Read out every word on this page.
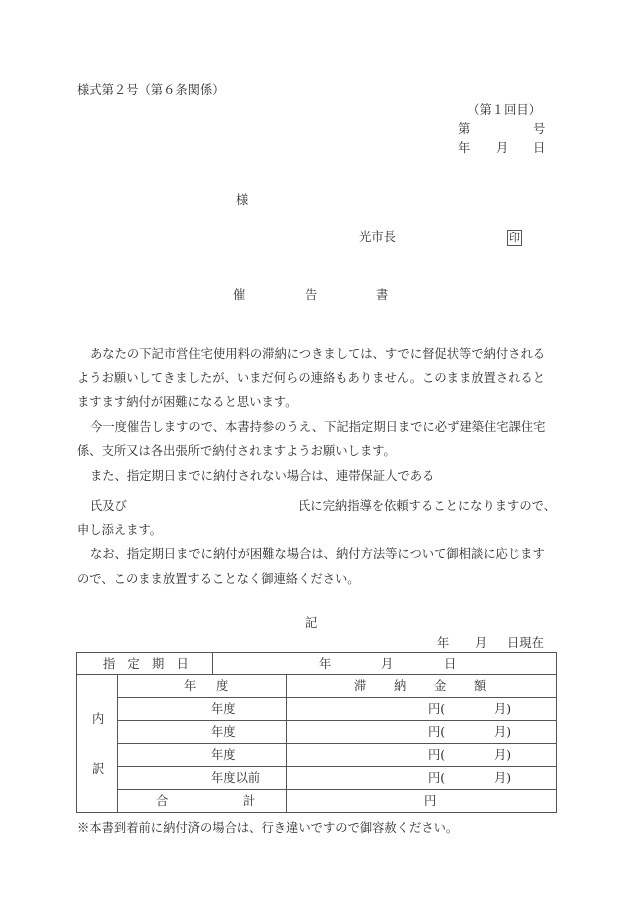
様式第２号（第６条関係）
（第１回目）
第	号
年 月 日
様
光市長	印
催	告	書
あなたの下記市営住宅使用料の滞納につきましては、すでに督促状等で納付される
ようお願いしてきましたが、いまだ何らの連絡もありません。このまま放置されると
ますます納付が困難になると思います。
今一度催告しますので、本書持参のうえ、下記指定期日までに必ず建築住宅課住宅
係、支所又は各出張所で納付されますようお願いします。
また、指定期日までに納付されない場合は、連帯保証人である
氏及び	氏に完納指導を依頼することになりますので、
申し添えます。
なお、指定期日までに納付が困難な場合は、納付方法等について御相談に応じます
ので、このまま放置することなく御連絡ください。
記
年 月 日現在
指定期日		年 月 日	

内
訳	年度		滞納金額

	年度		円( 月)

	年度		円( 月)

	年度		円( 月)

	年度以前		円( 月)

	合 計		円
※本書到着前に納付済の場合は、行き違いですので御容赦ください。
